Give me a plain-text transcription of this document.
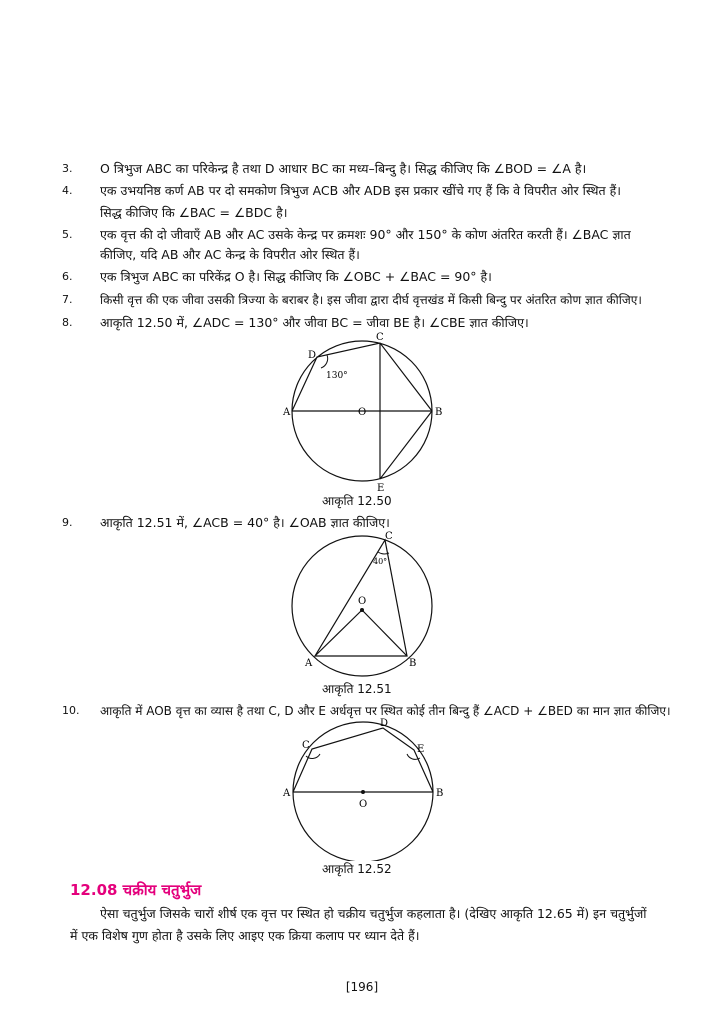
3.	O त्रिभुज ABC का परिकेन्द्र है तथा D आधार BC का मध्य–बिन्दु है। सिद्ध कीजिए कि ∠BOD = ∠A है।
4.	एक उभयनिष्ठ कर्ण AB पर दो समकोण त्रिभुज ACB और ADB इस प्रकार खींचे गए हैं कि वे विपरीत ओर स्थित हैं।
सिद्ध कीजिए कि ∠BAC = ∠BDC है।
5.	एक वृत्त की दो जीवाएँ AB और AC उसके केन्द्र पर क्रमशः 90° और 150° के कोण अंतरित करती हैं। ∠BAC ज्ञात
कीजिए, यदि AB और AC केन्द्र के विपरीत ओर स्थित हैं।
6.	एक त्रिभुज ABC का परिकेंद्र O है। सिद्ध कीजिए कि ∠OBC + ∠BAC = 90° है।
7.	किसी वृत्त की एक जीवा उसकी त्रिज्या के बराबर है। इस जीवा द्वारा दीर्घ वृत्तखंड में किसी बिन्दु पर अंतरित कोण ज्ञात कीजिए।
8.	आकृति 12.50 में, ∠ADC = 130° और जीवा BC = जीवा BE है। ∠CBE ज्ञात कीजिए।
130°
D
C
A	B
O
E
आकृति 12.50
9.	आकृति 12.51 में, ∠ACB = 40° है। ∠OAB ज्ञात कीजिए।
40°
C
O
A	B
आकृति 12.51
10.	आकृति में AOB वृत्त का व्यास है तथा C, D और E अर्धवृत्त पर स्थित कोई तीन बिन्दु हैं ∠ACD + ∠BED का मान ज्ञात कीजिए।
C
D
E
A	B
O
आकृति 12.52
12.08 चक्रीय चतुर्भुज
ऐसा चतुर्भुज जिसके चारों शीर्ष एक वृत्त पर स्थित हो चक्रीय चतुर्भुज कहलाता है। (देखिए आकृति 12.65 में) इन चतुर्भुजों
में एक विशेष गुण होता है उसके लिए आइए एक क्रिया कलाप पर ध्यान देते हैं।
[196]
